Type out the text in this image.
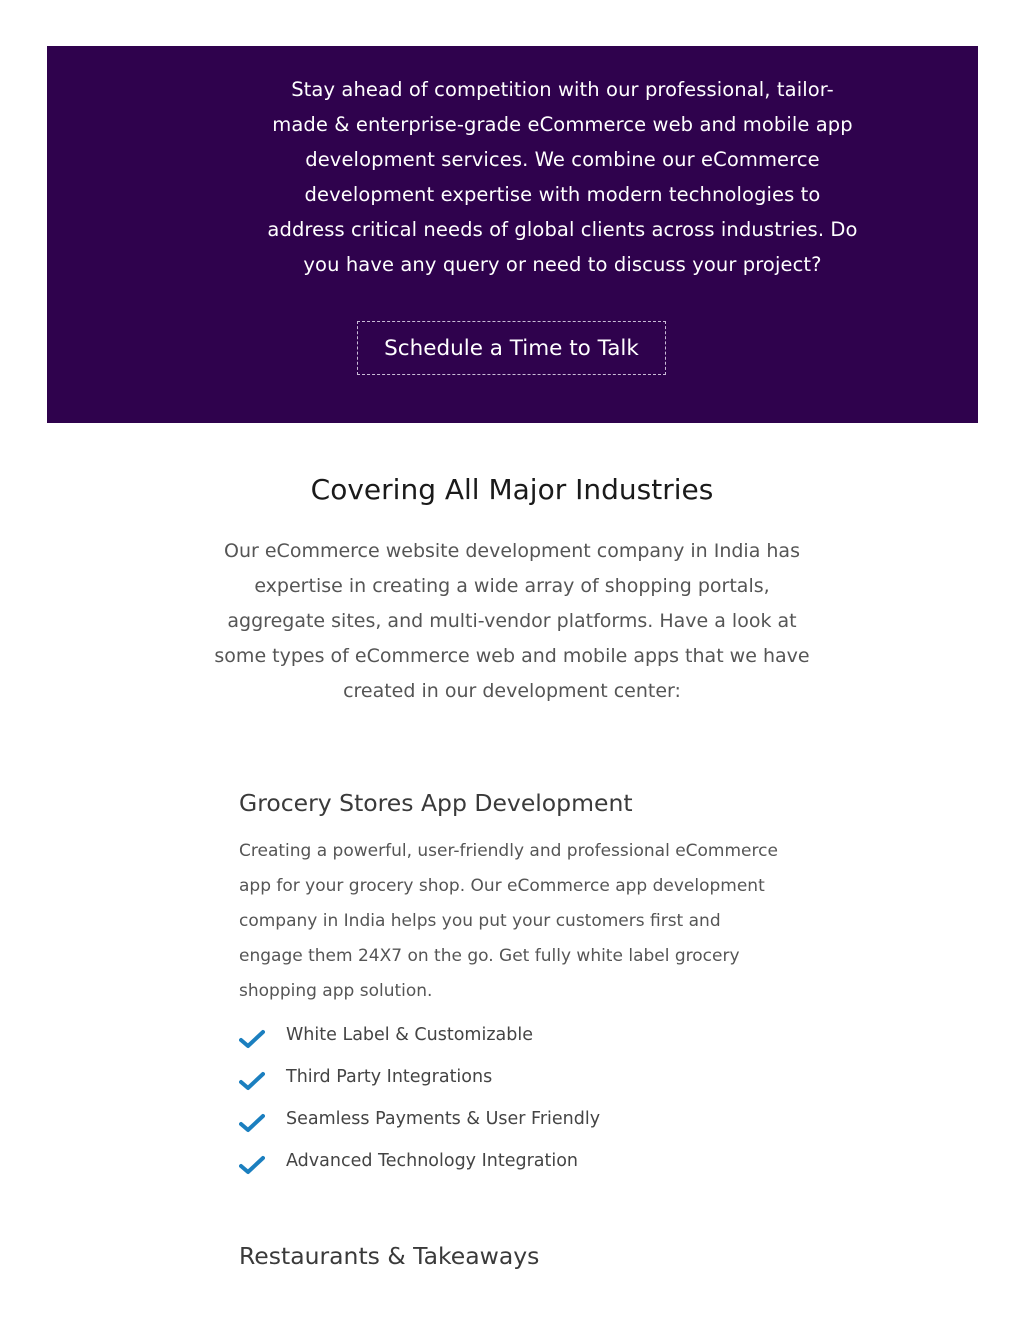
Stay ahead of competition with our professional, tailor-made & enterprise-grade eCommerce web and mobile app development services. We combine our eCommerce development expertise with modern technologies to address critical needs of global clients across industries. Do you have any query or need to discuss your project?

Schedule a Time to Talk
Covering All Major Industries

Our eCommerce website development company in India has expertise in creating a wide array of shopping portals, aggregate sites, and multi-vendor platforms. Have a look at some types of eCommerce web and mobile apps that we have created in our development center:

Grocery Stores App Development

Creating a powerful, user-friendly and professional eCommerce app for your grocery shop. Our eCommerce app development company in India helps you put your customers first and engage them 24X7 on the go. Get fully white label grocery shopping app solution.

White Label & Customizable
Third Party Integrations
Seamless Payments & User Friendly
Advanced Technology Integration
Restaurants & Takeaways
